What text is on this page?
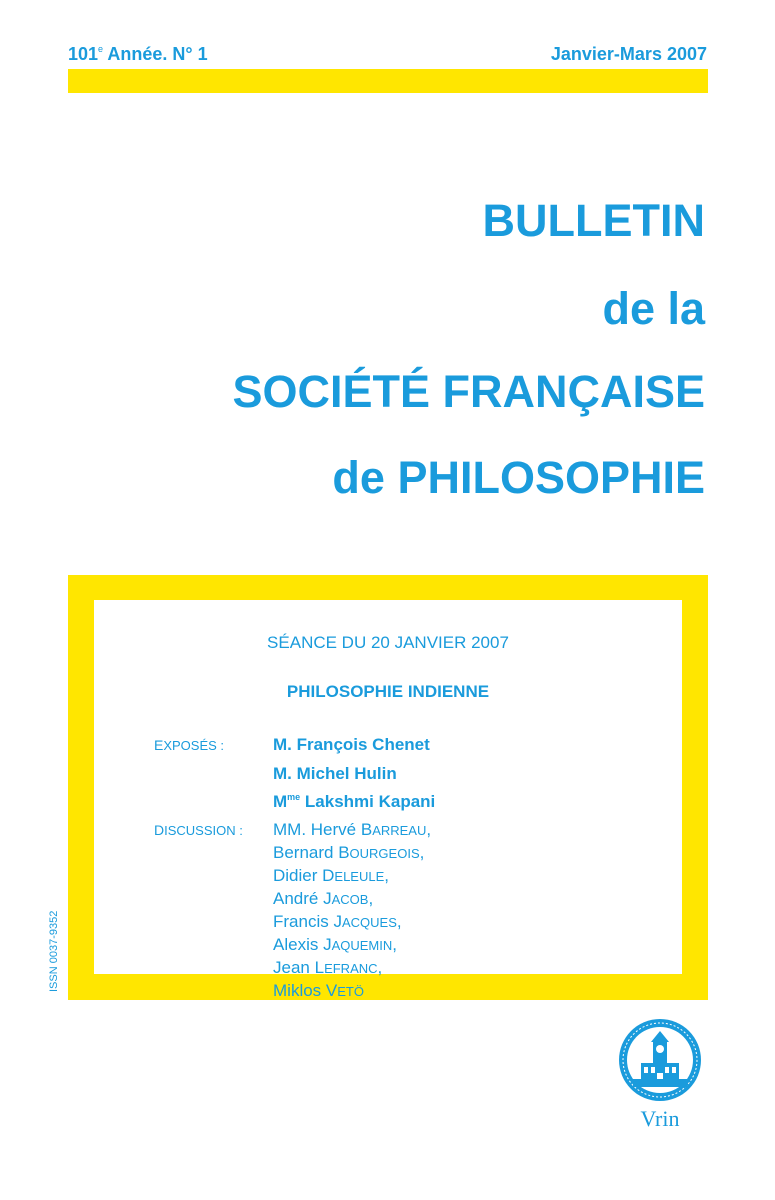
101e Année. N° 1	Janvier-Mars 2007
BULLETIN
de la
SOCIÉTÉ FRANÇAISE
de PHILOSOPHIE
SÉANCE DU 20 JANVIER 2007
PHILOSOPHIE INDIENNE
EXPOSÉS :	M. François Chenet
M. Michel Hulin
$M^{me}$ Lakshmi Kapani
DISCUSSION : MM. Hervé BARREAU,
Bernard BOURGEOIS,
Didier DELEULE,
André JACOB,
Francis JACQUES,
Alexis JAQUEMIN,
Jean LEFRANC,
Miklos VETÖ
ISSN 0037-9352
Vrin
